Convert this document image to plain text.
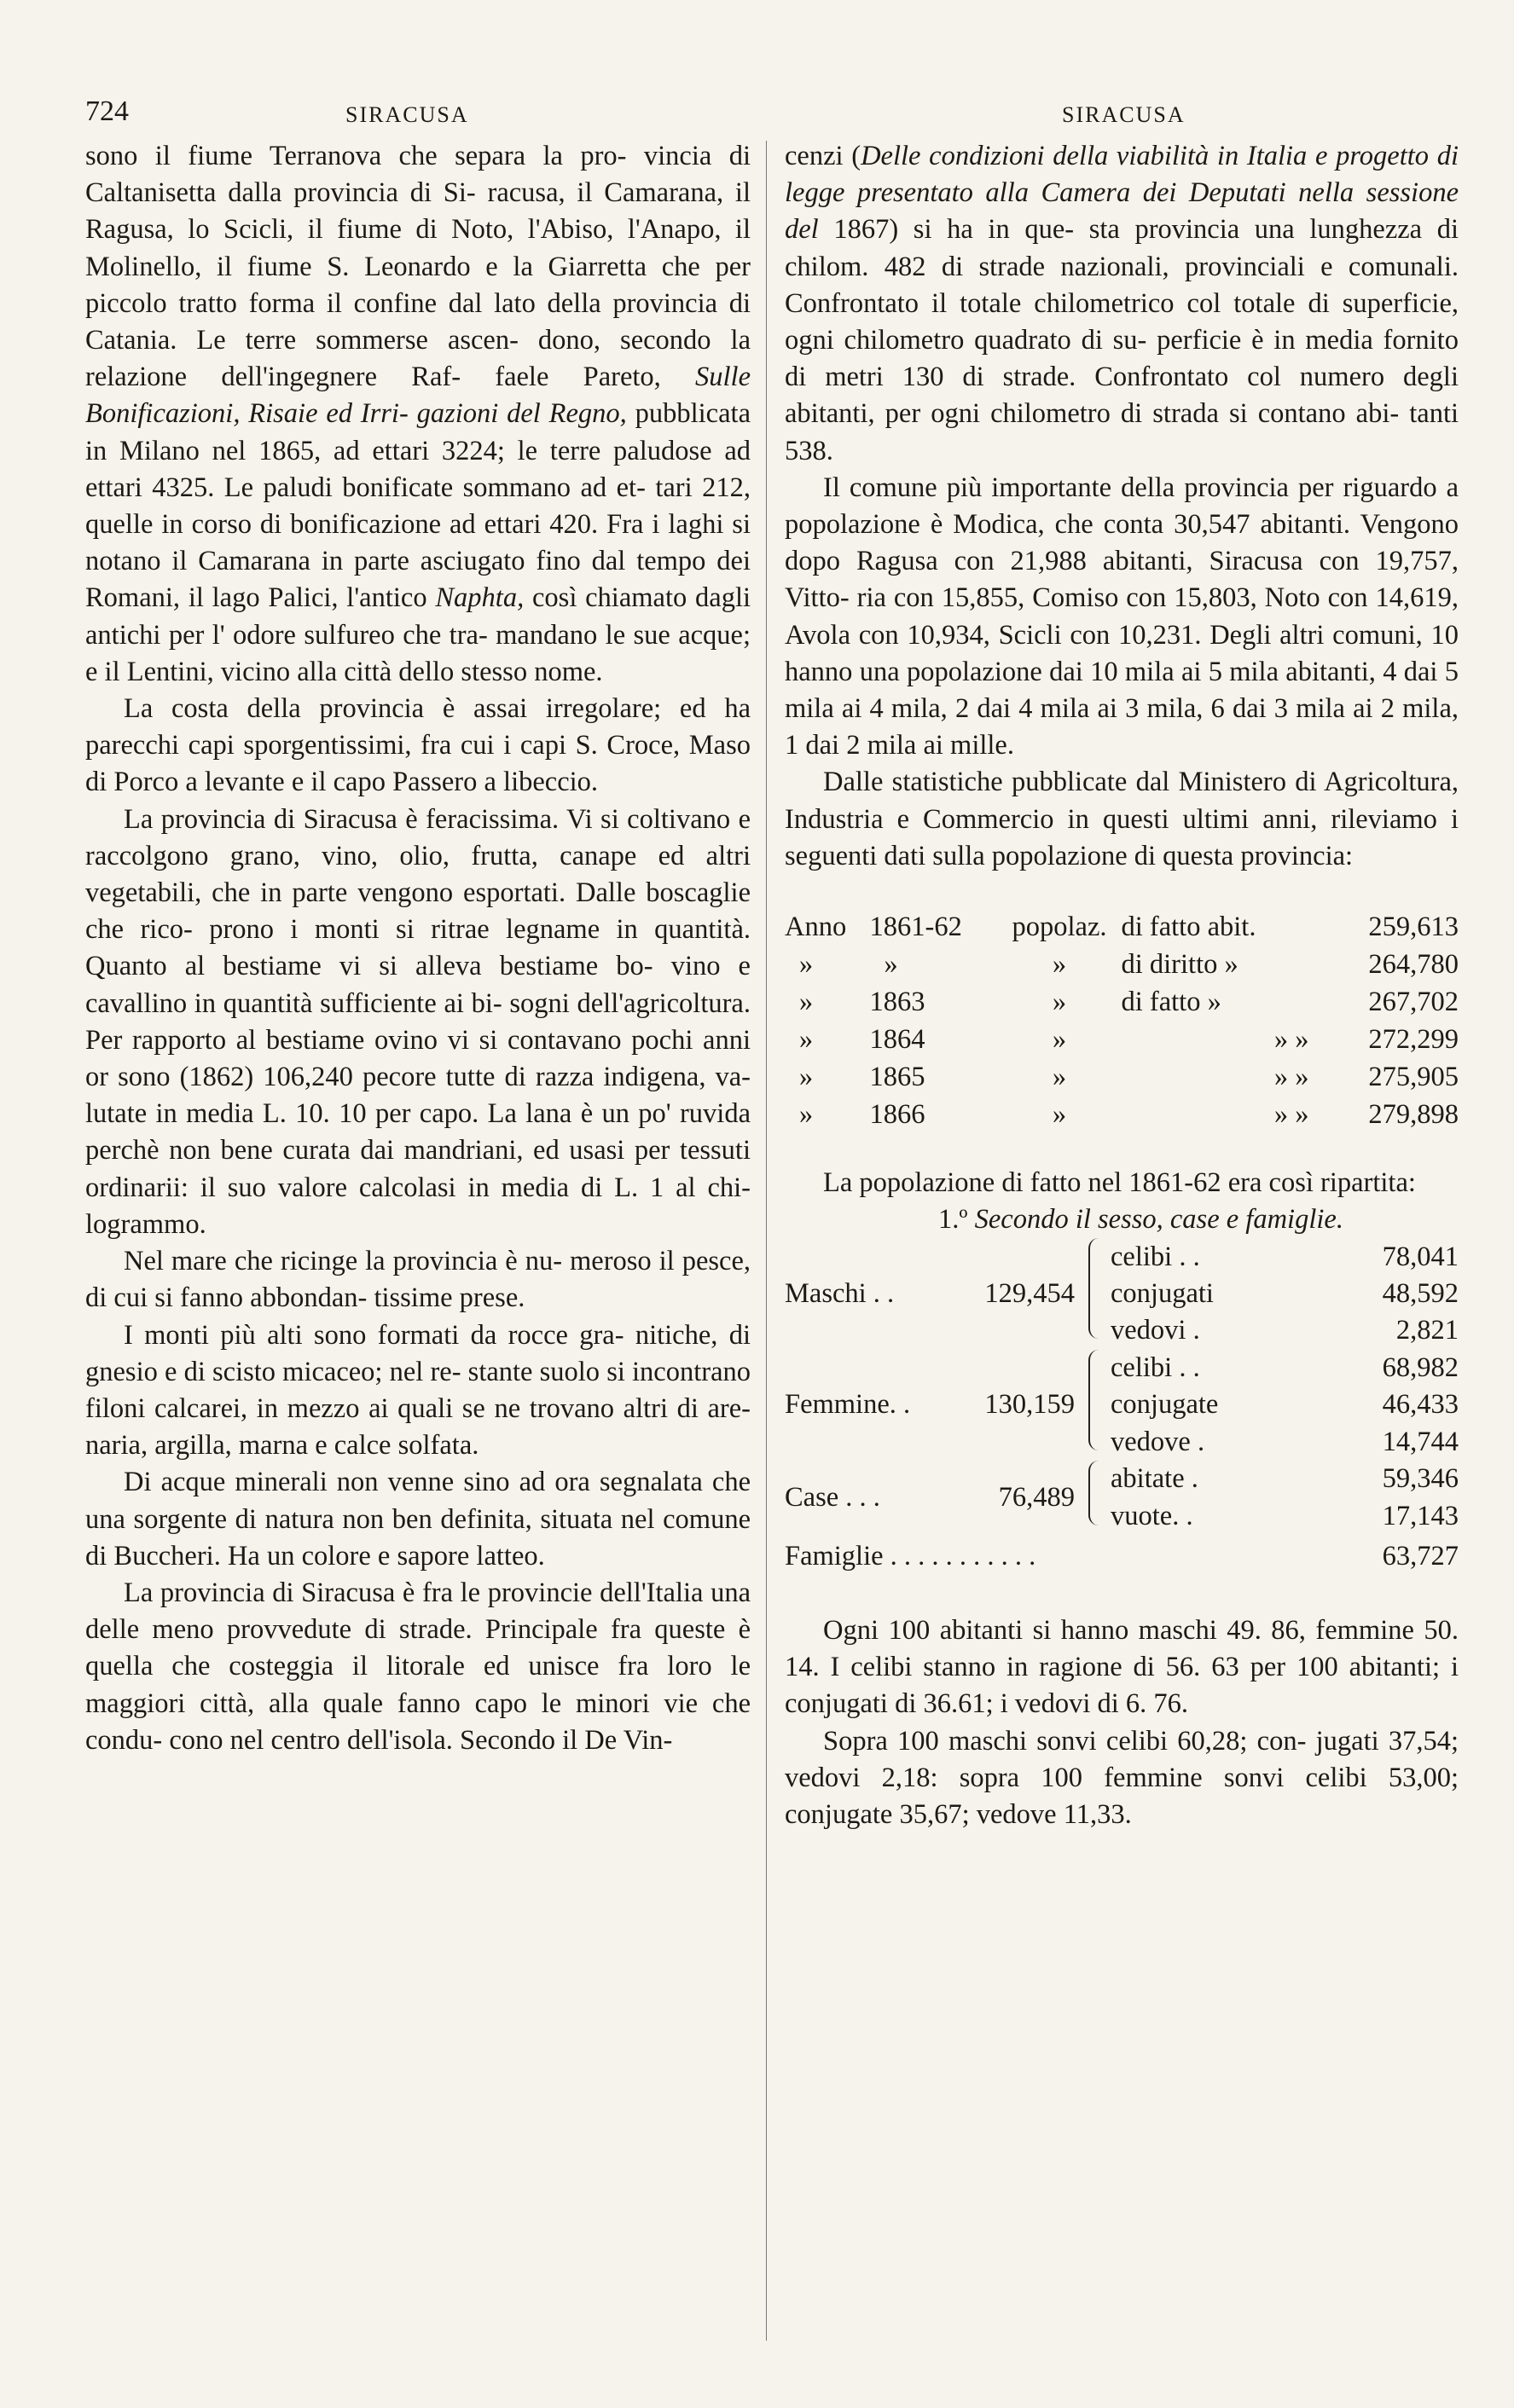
724	SIRACUSA	SIRACUSA

sono il fiume Terranova che separa la pro- vincia di Caltanisetta dalla provincia di Si- racusa, il Camarana, il Ragusa, lo Scicli, il fiume di Noto, l'Abiso, l'Anapo, il Molinello, il fiume S. Leonardo e la Giarretta che per piccolo tratto forma il confine dal lato della provincia di Catania. Le terre sommerse ascen- dono, secondo la relazione dell'ingegnere Raf- faele Pareto, Sulle Bonificazioni, Risaie ed Irri- gazioni del Regno, pubblicata in Milano nel 1865, ad ettari 3224; le terre paludose ad ettari 4325. Le paludi bonificate sommano ad et- tari 212, quelle in corso di bonificazione ad ettari 420. Fra i laghi si notano il Camarana in parte asciugato fino dal tempo dei Romani, il lago Palici, l'antico Naphta, così chiamato dagli antichi per l' odore sulfureo che tra- mandano le sue acque; e il Lentini, vicino alla città dello stesso nome.

La costa della provincia è assai irregolare; ed ha parecchi capi sporgentissimi, fra cui i capi S. Croce, Maso di Porco a levante e il capo Passero a libeccio.

La provincia di Siracusa è feracissima. Vi si coltivano e raccolgono grano, vino, olio, frutta, canape ed altri vegetabili, che in parte vengono esportati. Dalle boscaglie che rico- prono i monti si ritrae legname in quantità. Quanto al bestiame vi si alleva bestiame bo- vino e cavallino in quantità sufficiente ai bi- sogni dell'agricoltura. Per rapporto al bestiame ovino vi si contavano pochi anni or sono (1862) 106,240 pecore tutte di razza indigena, va- lutate in media L. 10. 10 per capo. La lana è un po' ruvida perchè non bene curata dai mandriani, ed usasi per tessuti ordinarii: il suo valore calcolasi in media di L. 1 al chi- logrammo.

Nel mare che ricinge la provincia è nu- meroso il pesce, di cui si fanno abbondan- tissime prese.

I monti più alti sono formati da rocce gra- nitiche, di gnesio e di scisto micaceo; nel re- stante suolo si incontrano filoni calcarei, in mezzo ai quali se ne trovano altri di are- naria, argilla, marna e calce solfata.

Di acque minerali non venne sino ad ora segnalata che una sorgente di natura non ben definita, situata nel comune di Buccheri. Ha un colore e sapore latteo.

La provincia di Siracusa è fra le provincie dell'Italia una delle meno provvedute di strade. Principale fra queste è quella che costeggia il litorale ed unisce fra loro le maggiori città, alla quale fanno capo le minori vie che condu- cono nel centro dell'isola. Secondo il De Vin-

cenzi (Delle condizioni della viabilità in Italia e progetto di legge presentato alla Camera dei Deputati nella sessione del 1867) si ha in que- sta provincia una lunghezza di chilom. 482 di strade nazionali, provinciali e comunali. Confrontato il totale chilometrico col totale di superficie, ogni chilometro quadrato di su- perficie è in media fornito di metri 130 di strade. Confrontato col numero degli abitanti, per ogni chilometro di strada si contano abi- tanti 538.

Il comune più importante della provincia per riguardo a popolazione è Modica, che conta 30,547 abitanti. Vengono dopo Ragusa con 21,988 abitanti, Siracusa con 19,757, Vitto- ria con 15,855, Comiso con 15,803, Noto con 14,619, Avola con 10,934, Scicli con 10,231. Degli altri comuni, 10 hanno una popolazione dai 10 mila ai 5 mila abitanti, 4 dai 5 mila ai 4 mila, 2 dai 4 mila ai 3 mila, 6 dai 3 mila ai 2 mila, 1 dai 2 mila ai mille.

Dalle statistiche pubblicate dal Ministero di Agricoltura, Industria e Commercio in questi ultimi anni, rileviamo i seguenti dati sulla popolazione di questa provincia:

Anno	1861-62	popolaz.	di fatto abit.	259,613
»	»	»	di diritto »	264,780
»	1863	»	di fatto »	267,702
»	1864	»	» »	272,299
»	1865	»	» »	275,905
»	1866	»	» »	279,898

La popolazione di fatto nel 1861-62 era così ripartita:

1.º Secondo il sesso, case e famiglie.

Maschi . .	129,454		celibi . .	78,041
			conjugati	48,592
			vedovi .	2,821
Femmine. .	130,159		celibi . .	68,982
			conjugate	46,433
			vedove .	14,744
Case . . .	76,489		abitate .	59,346
			vuote. .	17,143
Famiglie . . . . . . . . . . .				63,727

Ogni 100 abitanti si hanno maschi 49. 86, femmine 50. 14. I celibi stanno in ragione di 56. 63 per 100 abitanti; i conjugati di 36.61; i vedovi di 6. 76.

Sopra 100 maschi sonvi celibi 60,28; con- jugati 37,54; vedovi 2,18: sopra 100 femmine sonvi celibi 53,00; conjugate 35,67; vedove 11,33.
